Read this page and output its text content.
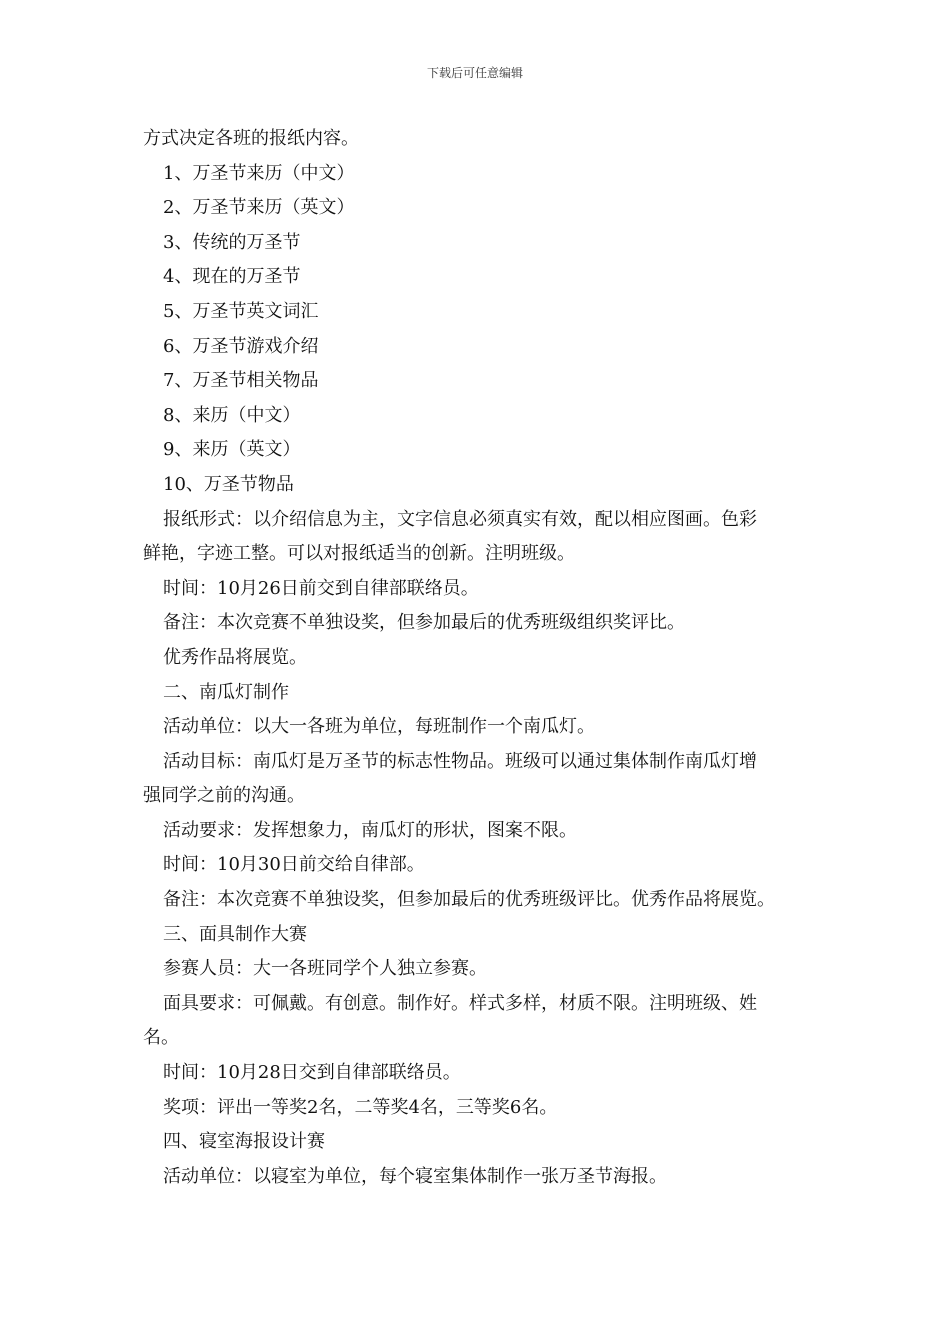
下载后可任意编辑
方式决定各班的报纸内容。
1、万圣节来历（中文）
2、万圣节来历（英文）
3、传统的万圣节
4、现在的万圣节
5、万圣节英文词汇
6、万圣节游戏介绍
7、万圣节相关物品
8、来历（中文）
9、来历（英文）
10、万圣节物品
报纸形式：以介绍信息为主，文字信息必须真实有效，配以相应图画。色彩
鲜艳，字迹工整。可以对报纸适当的创新。注明班级。
时间：10月26日前交到自律部联络员。
备注：本次竞赛不单独设奖，但参加最后的优秀班级组织奖评比。
优秀作品将展览。
二、南瓜灯制作
活动单位：以大一各班为单位，每班制作一个南瓜灯。
活动目标：南瓜灯是万圣节的标志性物品。班级可以通过集体制作南瓜灯增
强同学之前的沟通。
活动要求：发挥想象力，南瓜灯的形状，图案不限。
时间：10月30日前交给自律部。
备注：本次竞赛不单独设奖，但参加最后的优秀班级评比。优秀作品将展览。
三、面具制作大赛
参赛人员：大一各班同学个人独立参赛。
面具要求：可佩戴。有创意。制作好。样式多样，材质不限。注明班级、姓
名。
时间：10月28日交到自律部联络员。
奖项：评出一等奖2名，二等奖4名，三等奖6名。
四、寝室海报设计赛
活动单位：以寝室为单位，每个寝室集体制作一张万圣节海报。
